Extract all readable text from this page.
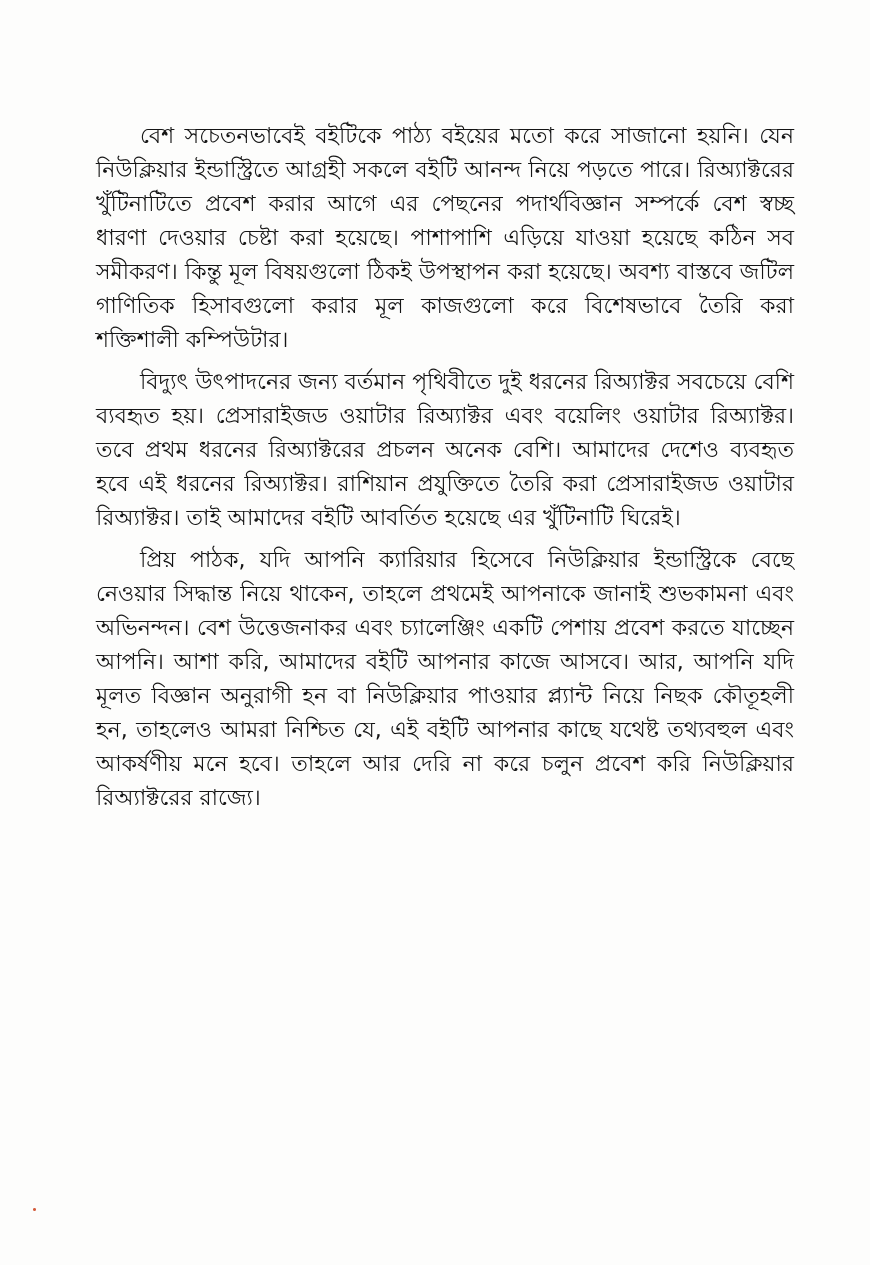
বেশ সচেতনভাবেই বইটিকে পাঠ্য বইয়ের মতো করে সাজানো হয়নি। যেন নিউক্লিয়ার ইন্ডাস্ট্রিতে আগ্রহী সকলে বইটি আনন্দ নিয়ে পড়তে পারে। রিঅ্যাক্টরের খুঁটিনাটিতে প্রবেশ করার আগে এর পেছনের পদার্থবিজ্ঞান সম্পর্কে বেশ স্বচ্ছ ধারণা দেওয়ার চেষ্টা করা হয়েছে। পাশাপাশি এড়িয়ে যাওয়া হয়েছে কঠিন সব সমীকরণ। কিন্তু মূল বিষয়গুলো ঠিকই উপস্থাপন করা হয়েছে। অবশ্য বাস্তবে জটিল গাণিতিক হিসাবগুলো করার মূল কাজগুলো করে বিশেষভাবে তৈরি করা শক্তিশালী কম্পিউটার।

বিদ্যুৎ উৎপাদনের জন্য বর্তমান পৃথিবীতে দুই ধরনের রিঅ্যাক্টর সবচেয়ে বেশি ব্যবহৃত হয়। প্রেসারাইজড ওয়াটার রিঅ্যাক্টর এবং বয়েলিং ওয়াটার রিঅ্যাক্টর। তবে প্রথম ধরনের রিঅ্যাক্টরের প্রচলন অনেক বেশি। আমাদের দেশেও ব্যবহৃত হবে এই ধরনের রিঅ্যাক্টর। রাশিয়ান প্রযুক্তিতে তৈরি করা প্রেসারাইজড ওয়াটার রিঅ্যাক্টর। তাই আমাদের বইটি আবর্তিত হয়েছে এর খুঁটিনাটি ঘিরেই।

প্রিয় পাঠক, যদি আপনি ক্যারিয়ার হিসেবে নিউক্লিয়ার ইন্ডাস্ট্রিকে বেছে নেওয়ার সিদ্ধান্ত নিয়ে থাকেন, তাহলে প্রথমেই আপনাকে জানাই শুভকামনা এবং অভিনন্দন। বেশ উত্তেজনাকর এবং চ্যালেঞ্জিং একটি পেশায় প্রবেশ করতে যাচ্ছেন আপনি। আশা করি, আমাদের বইটি আপনার কাজে আসবে। আর, আপনি যদি মূলত বিজ্ঞান অনুরাগী হন বা নিউক্লিয়ার পাওয়ার প্ল্যান্ট নিয়ে নিছক কৌতূহলী হন, তাহলেও আমরা নিশ্চিত যে, এই বইটি আপনার কাছে যথেষ্ট তথ্যবহুল এবং আকর্ষণীয় মনে হবে। তাহলে আর দেরি না করে চলুন প্রবেশ করি নিউক্লিয়ার রিঅ্যাক্টরের রাজ্যে।
